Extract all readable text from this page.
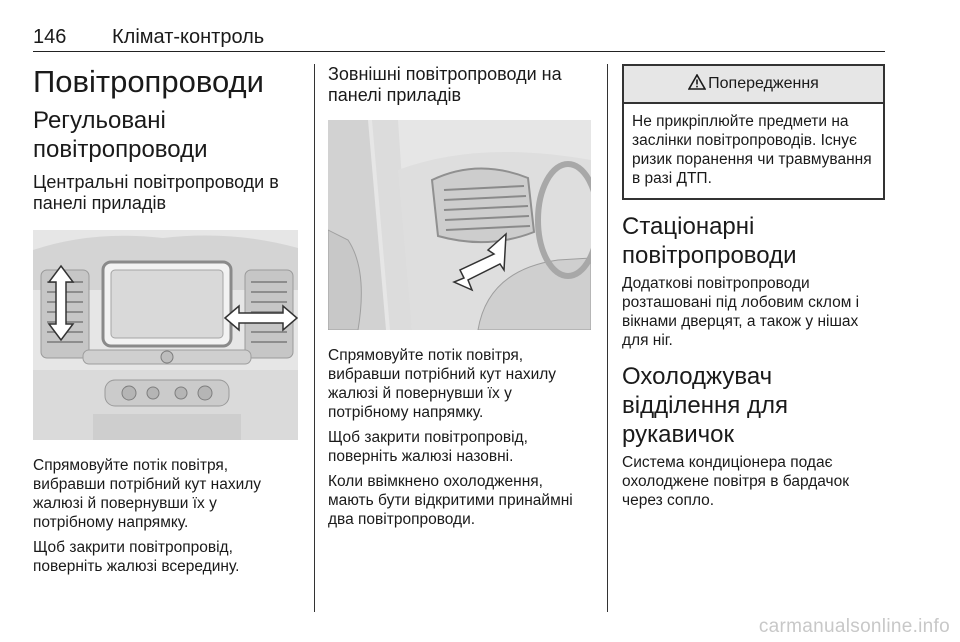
146 Клімат-контроль
Повітропроводи
Регульовані повітропроводи
Центральні повітропроводи в панелі приладів

Спрямовуйте потік повітря, вибравши потрібний кут нахилу жалюзі й повернувши їх у потрібному напрямку.

Щоб закрити повітропровід, поверніть жалюзі всередину.

Зовнішні повітропроводи на панелі приладів

Спрямовуйте потік повітря, вибравши потрібний кут нахилу жалюзі й повернувши їх у потрібному напрямку.

Щоб закрити повітропровід, поверніть жалюзі назовні.

Коли ввімкнено охолодження, мають бути відкритими принаймні два повітропроводи.

Попередження
Не прикріплюйте предмети на заслінки повітропроводів. Існує ризик поранення чи травмування в разі ДТП.
Стаціонарні повітропроводи

Додаткові повітропроводи розташовані під лобовим склом і вікнами дверцят, а також у нішах для ніг.

Охолоджувач відділення для рукавичок

Система кондиціонера подає охолоджене повітря в бардачок через сопло.

carmanualsonline.info
